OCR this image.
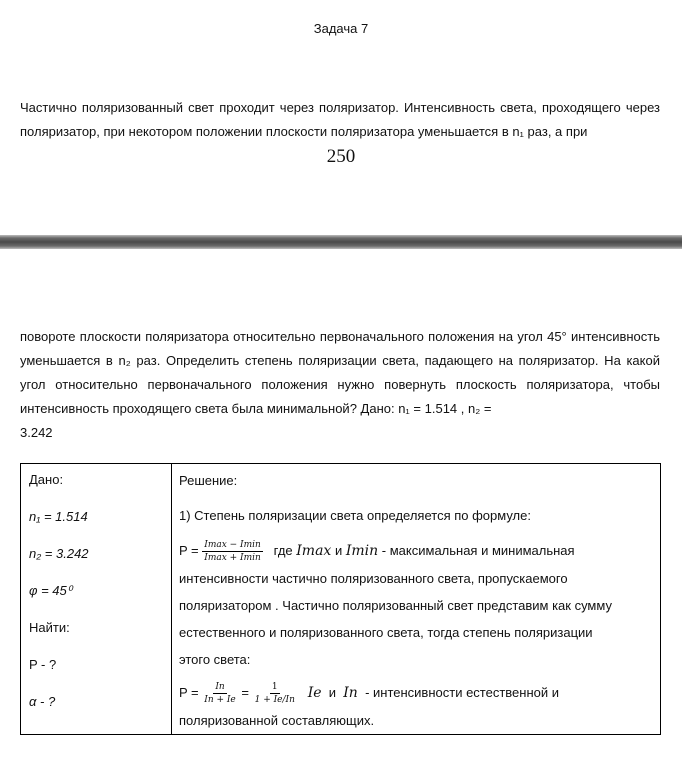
Задача 7
Частично поляризованный свет проходит через поляризатор. Интенсивность света, проходящего через поляризатор, при некотором положении плоскости поляризатора уменьшается в n₁ раз, а при
250
повороте плоскости поляризатора относительно первоначального положения на угол 45° интенсивность уменьшается в n₂ раз. Определить степень поляризации света, падающего на поляризатор. На какой угол относительно первоначального положения нужно повернуть плоскость поляризатора, чтобы интенсивность проходящего света была минимальной? Дано: n₁ = 1.514 , n₂ =
3.242
Дано:
n₁ = 1.514
n₂ = 3.242
φ = 45⁰
Найти:
P - ?
α - ?

Решение:
1) Степень поляризации света определяется по формуле:
$P = \frac{Imax - Imin}{Imax + Imin}$ где Imax и Imin - максимальная и минимальная
интенсивности частично поляризованного света, пропускаемого
поляризатором . Частично поляризованный свет представим как сумму
естественного и поляризованного света, тогда степень поляризации
этого света:
$P = \frac{Iп}{Iп + Iе} = \frac{1}{1 + Iе/Iп}$ Iе и Iп - интенсивности естественной и
поляризованной составляющих.
